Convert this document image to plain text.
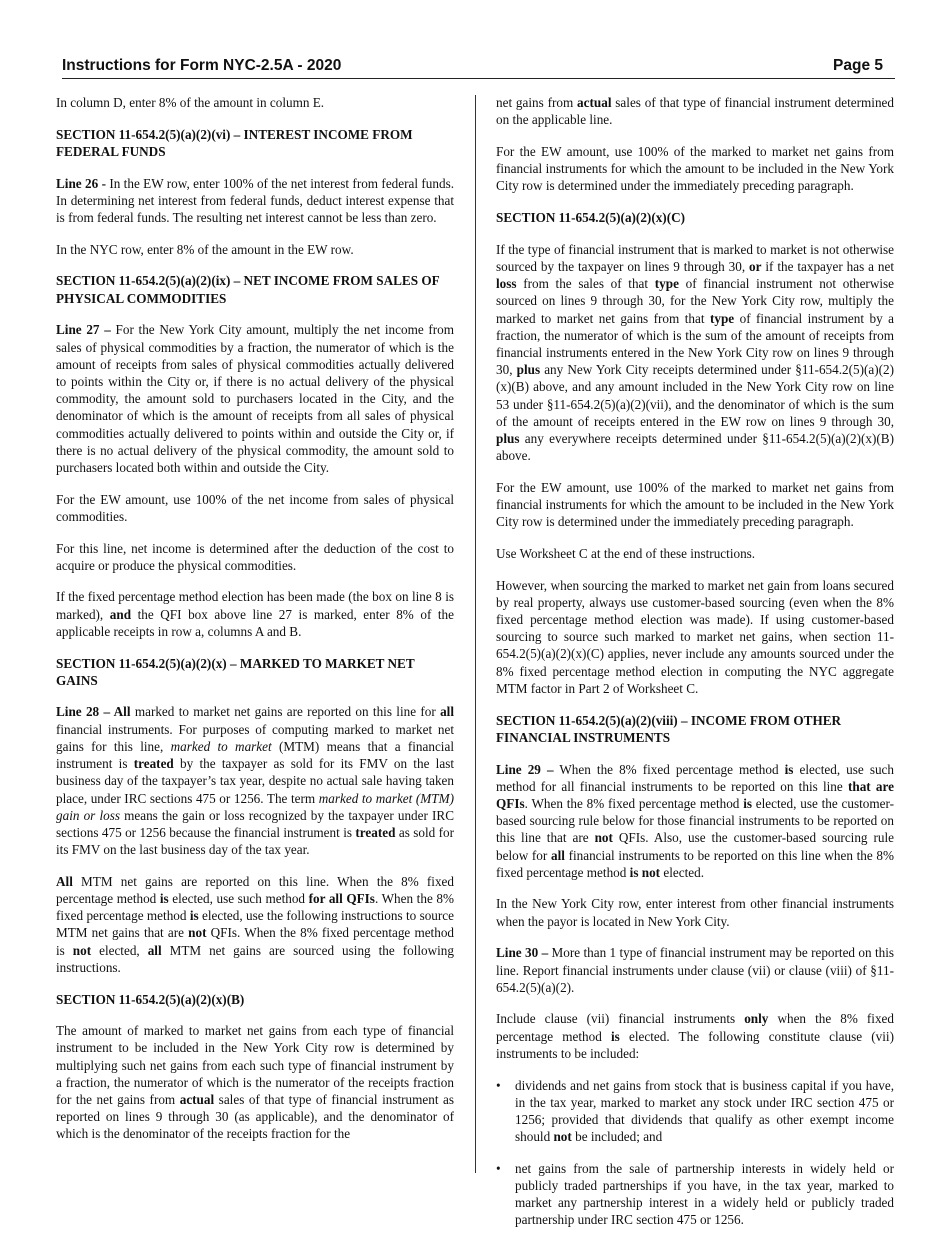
Instructions for Form NYC-2.5A - 2020	Page 5

In column D, enter 8% of the amount in column E.

SECTION 11-654.2(5)(a)(2)(vi) – INTEREST INCOME FROM FEDERAL FUNDS

Line 26 - In the EW row, enter 100% of the net interest from federal funds. In determining net interest from federal funds, deduct interest expense that is from federal funds. The resulting net interest cannot be less than zero.

In the NYC row, enter 8% of the amount in the EW row.

SECTION 11-654.2(5)(a)(2)(ix) – NET INCOME FROM SALES OF PHYSICAL COMMODITIES

Line 27 – For the New York City amount, multiply the net income from sales of physical commodities by a fraction, the numerator of which is the amount of receipts from sales of physical commodities actually delivered to points within the City or, if there is no actual delivery of the physical commodity, the amount sold to purchasers located in the City, and the denominator of which is the amount of receipts from all sales of physical commodities actually delivered to points within and outside the City or, if there is no actual delivery of the physical commodity, the amount sold to purchasers located both within and outside the City.

For the EW amount, use 100% of the net income from sales of physical commodities.

For this line, net income is determined after the deduction of the cost to acquire or produce the physical commodities.

If the fixed percentage method election has been made (the box on line 8 is marked), and the QFI box above line 27 is marked, enter 8% of the applicable receipts in row a, columns A and B.

SECTION 11-654.2(5)(a)(2)(x) – MARKED TO MARKET NET GAINS

Line 28 – All marked to market net gains are reported on this line for all financial instruments. For purposes of computing marked to market net gains for this line, marked to market (MTM) means that a financial instrument is treated by the taxpayer as sold for its FMV on the last business day of the taxpayer’s tax year, despite no actual sale having taken place, under IRC sections 475 or 1256. The term marked to market (MTM) gain or loss means the gain or loss recognized by the taxpayer under IRC sections 475 or 1256 because the financial instrument is treated as sold for its FMV on the last business day of the tax year.

All MTM net gains are reported on this line. When the 8% fixed percentage method is elected, use such method for all QFIs. When the 8% fixed percentage method is elected, use the following instructions to source MTM net gains that are not QFIs. When the 8% fixed percentage method is not elected, all MTM net gains are sourced using the following instructions.

SECTION 11-654.2(5)(a)(2)(x)(B)

The amount of marked to market net gains from each type of financial instrument to be included in the New York City row is determined by multiplying such net gains from each such type of financial instrument by a fraction, the numerator of which is the numerator of the receipts fraction for the net gains from actual sales of that type of financial instrument as reported on lines 9 through 30 (as applicable), and the denominator of which is the denominator of the receipts fraction for the

net gains from actual sales of that type of financial instrument determined on the applicable line.

For the EW amount, use 100% of the marked to market net gains from financial instruments for which the amount to be included in the New York City row is determined under the immediately preceding paragraph.

SECTION 11-654.2(5)(a)(2)(x)(C)

If the type of financial instrument that is marked to market is not otherwise sourced by the taxpayer on lines 9 through 30, or if the taxpayer has a net loss from the sales of that type of financial instrument not otherwise sourced on lines 9 through 30, for the New York City row, multiply the marked to market net gains from that type of financial instrument by a fraction, the numerator of which is the sum of the amount of receipts from financial instruments entered in the New York City row on lines 9 through 30, plus any New York City receipts determined under §11-654.2(5)(a)(2)(x)(B) above, and any amount included in the New York City row on line 53 under §11-654.2(5)(a)(2)(vii), and the denominator of which is the sum of the amount of receipts entered in the EW row on lines 9 through 30, plus any everywhere receipts determined under §11-654.2(5)(a)(2)(x)(B) above.

For the EW amount, use 100% of the marked to market net gains from financial instruments for which the amount to be included in the New York City row is determined under the immediately preceding paragraph.

Use Worksheet C at the end of these instructions.

However, when sourcing the marked to market net gain from loans secured by real property, always use customer-based sourcing (even when the 8% fixed percentage method election was made). If using customer-based sourcing to source such marked to market net gains, when section 11-654.2(5)(a)(2)(x)(C) applies, never include any amounts sourced under the 8% fixed percentage method election in computing the NYC aggregate MTM factor in Part 2 of Worksheet C.

SECTION 11-654.2(5)(a)(2)(viii) – INCOME FROM OTHER FINANCIAL INSTRUMENTS

Line 29 – When the 8% fixed percentage method is elected, use such method for all financial instruments to be reported on this line that are QFIs. When the 8% fixed percentage method is elected, use the customer-based sourcing rule below for those financial instruments to be reported on this line that are not QFIs. Also, use the customer-based sourcing rule below for all financial instruments to be reported on this line when the 8% fixed percentage method is not elected.

In the New York City row, enter interest from other financial instruments when the payor is located in New York City.

Line 30 – More than 1 type of financial instrument may be reported on this line. Report financial instruments under clause (vii) or clause (viii) of §11-654.2(5)(a)(2).

Include clause (vii) financial instruments only when the 8% fixed percentage method is elected. The following constitute clause (vii) instruments to be included:

• dividends and net gains from stock that is business capital if you have, in the tax year, marked to market any stock under IRC section 475 or 1256; provided that dividends that qualify as other exempt income should not be included; and
• net gains from the sale of partnership interests in widely held or publicly traded partnerships if you have, in the tax year, marked to market any partnership interest in a widely held or publicly traded partnership under IRC section 475 or 1256.
